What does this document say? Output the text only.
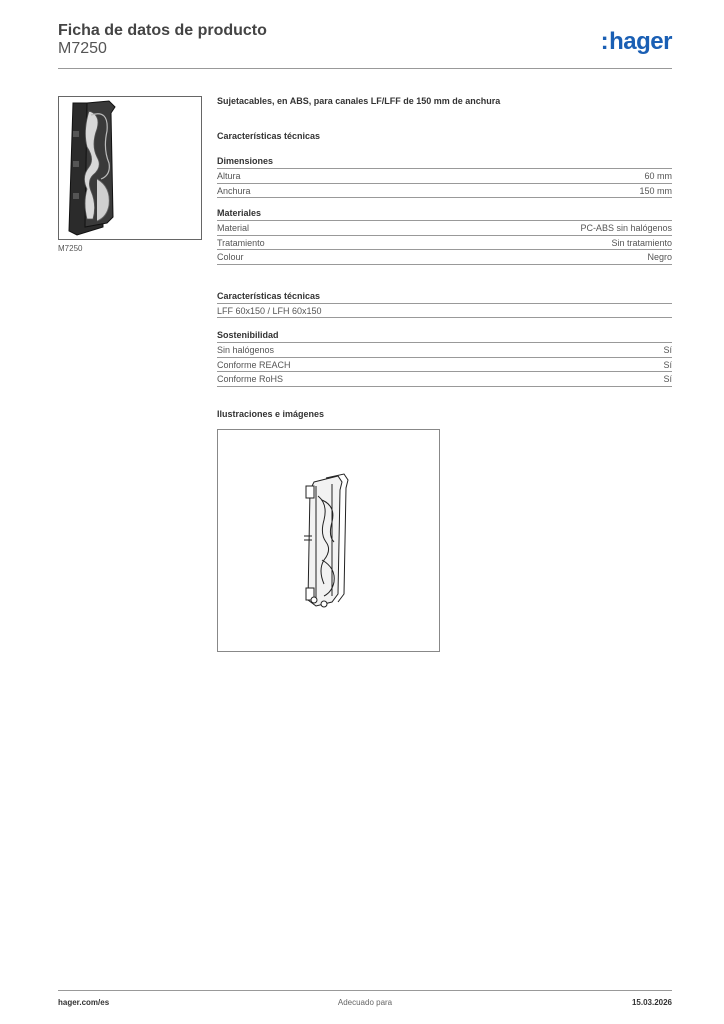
Ficha de datos de producto
M7250	:hager
M7250
Sujetacables, en ABS, para canales LF/LFF de 150 mm de anchura
Características técnicas
Dimensiones
Altura	60 mm
Anchura	150 mm
Materiales
Material	PC-ABS sin halógenos
Tratamiento	Sin tratamiento
Colour	Negro
Características técnicas
LFF 60x150 / LFH 60x150
Sostenibilidad
Sin halógenos	Sí
Conforme REACH	Sí
Conforme RoHS	Sí
Ilustraciones e imágenes
hager.com/es	Adecuado para	15.03.2026
